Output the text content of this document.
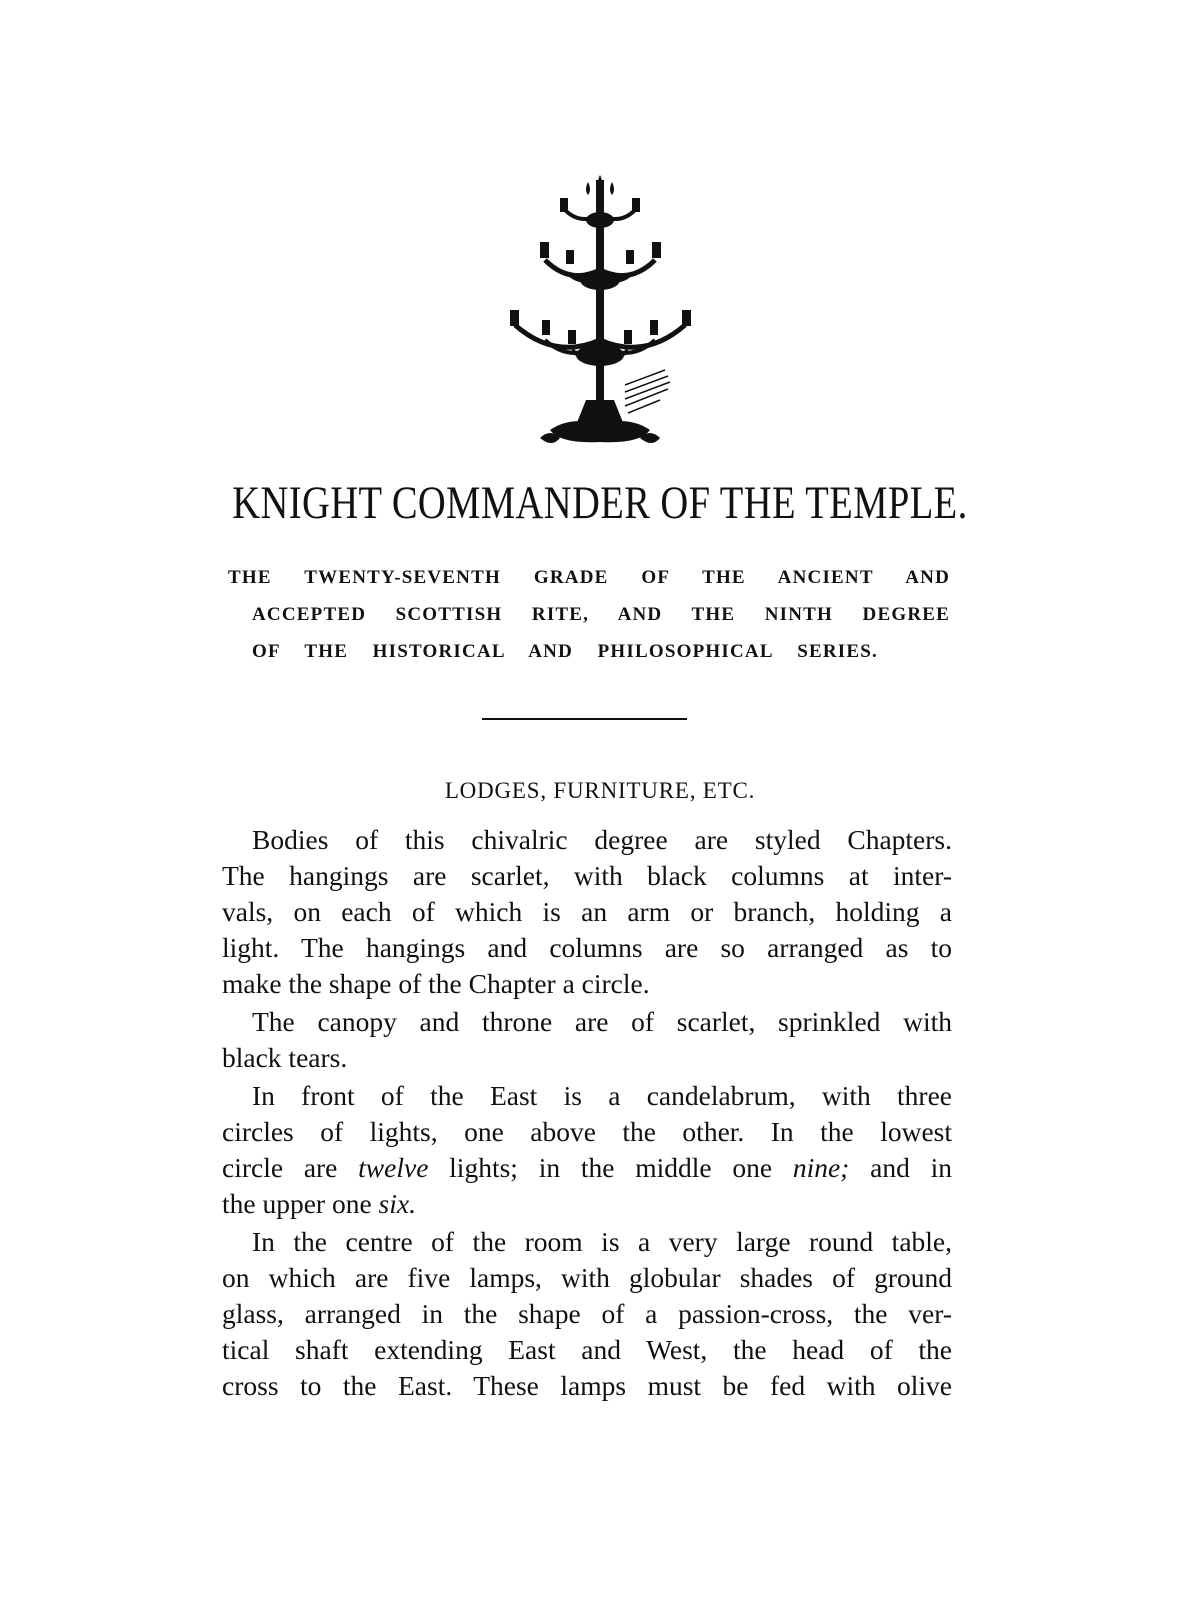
KNIGHT COMMANDER OF THE TEMPLE.
THE TWENTY-SEVENTH GRADE OF THE ANCIENT AND
ACCEPTED SCOTTISH RITE, AND THE NINTH DEGREE
OF THE HISTORICAL AND PHILOSOPHICAL SERIES.
LODGES, FURNITURE, ETC.
Bodies of this chivalric degree are styled Chapters.
The hangings are scarlet, with black columns at inter-
vals, on each of which is an arm or branch, holding a
light. The hangings and columns are so arranged as to
make the shape of the Chapter a circle.
The canopy and throne are of scarlet, sprinkled with
black tears.
In front of the East is a candelabrum, with three
circles of lights, one above the other. In the lowest
circle are twelve lights; in the middle one nine; and in
the upper one six.
In the centre of the room is a very large round table,
on which are five lamps, with globular shades of ground
glass, arranged in the shape of a passion-cross, the ver-
tical shaft extending East and West, the head of the
cross to the East. These lamps must be fed with olive
